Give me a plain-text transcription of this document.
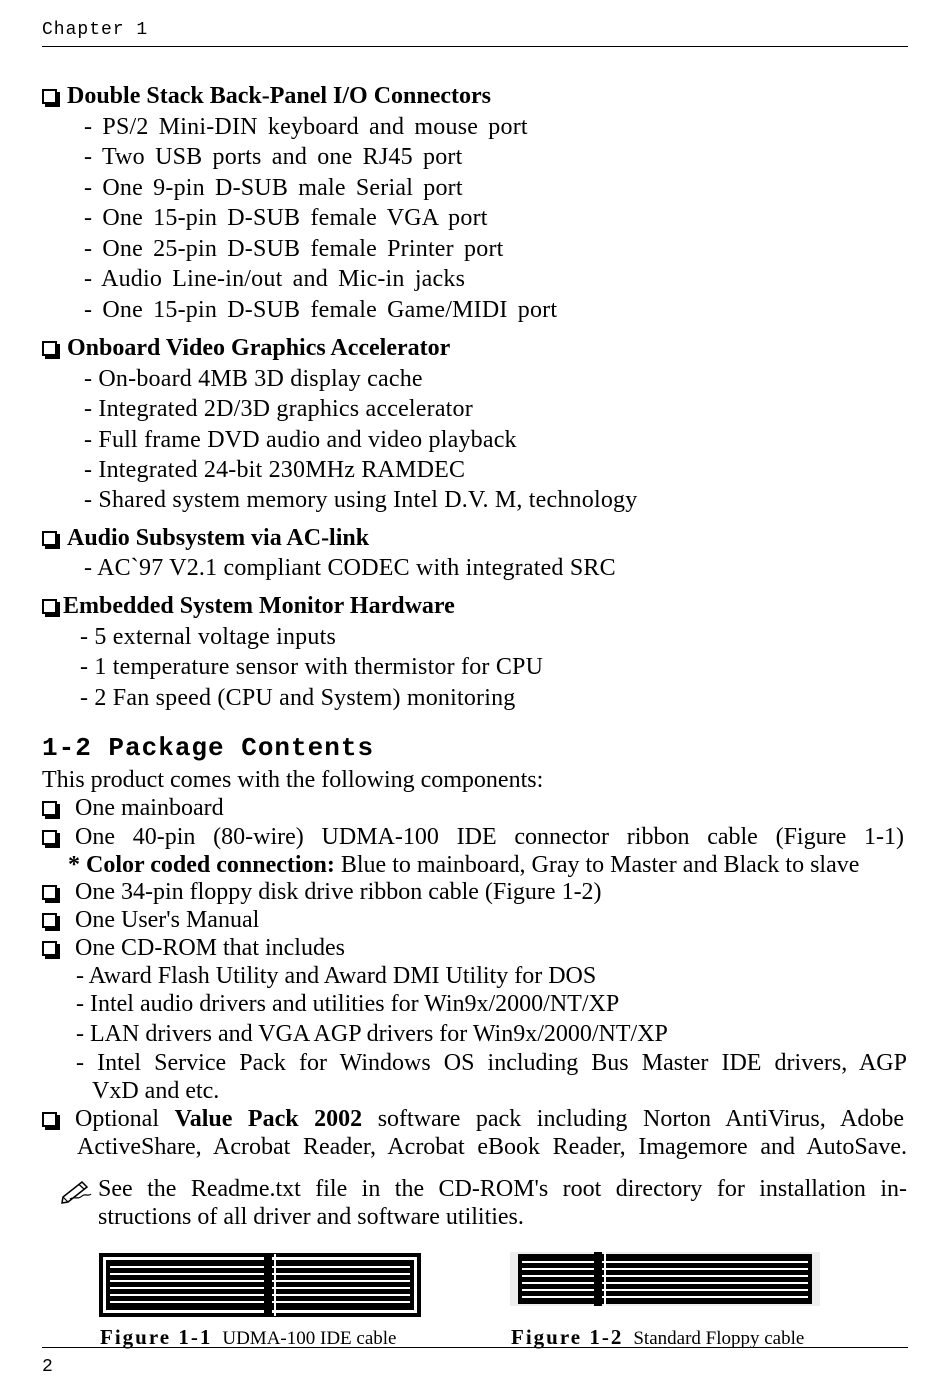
Chapter 1
Double Stack Back-Panel I/O Connectors
- PS/2 Mini-DIN keyboard and mouse port
- Two USB ports and one RJ45 port
- One 9-pin D-SUB male Serial port
- One 15-pin D-SUB female VGA port
- One 25-pin D-SUB female Printer port
- Audio Line-in/out and Mic-in jacks
- One 15-pin D-SUB female Game/MIDI port
Onboard Video Graphics Accelerator
- On-board 4MB 3D display cache
- Integrated 2D/3D graphics accelerator
- Full frame DVD audio and video playback
- Integrated 24-bit 230MHz RAMDEC
- Shared system memory using Intel D.V. M, technology
Audio Subsystem via AC-link
- AC`97 V2.1 compliant CODEC with integrated SRC
Embedded System Monitor Hardware
- 5 external voltage inputs
- 1 temperature sensor with thermistor for CPU
- 2 Fan speed (CPU and System) monitoring
1-2 Package Contents
This product comes with the following components:
One mainboard
One 40-pin (80-wire) UDMA-100 IDE connector ribbon cable (Figure 1-1)
* Color coded connection: Blue to mainboard, Gray to Master and Black to slave
One 34-pin floppy disk drive ribbon cable (Figure 1-2)
One User's Manual
One CD-ROM that includes
- Award Flash Utility and Award DMI Utility for DOS
- Intel audio drivers and utilities for Win9x/2000/NT/XP
- LAN drivers and VGA AGP drivers for Win9x/2000/NT/XP
- Intel Service Pack for Windows OS including Bus Master IDE drivers, AGP
VxD and etc.
Optional Value Pack 2002 software pack including Norton AntiVirus, Adobe
ActiveShare, Acrobat Reader, Acrobat eBook Reader, Imagemore and AutoSave.
See the Readme.txt file in the CD-ROM's root directory for installation in-
structions of all driver and software utilities.
Figure 1-1 UDMA-100 IDE cable	Figure 1-2 Standard Floppy cable
2
